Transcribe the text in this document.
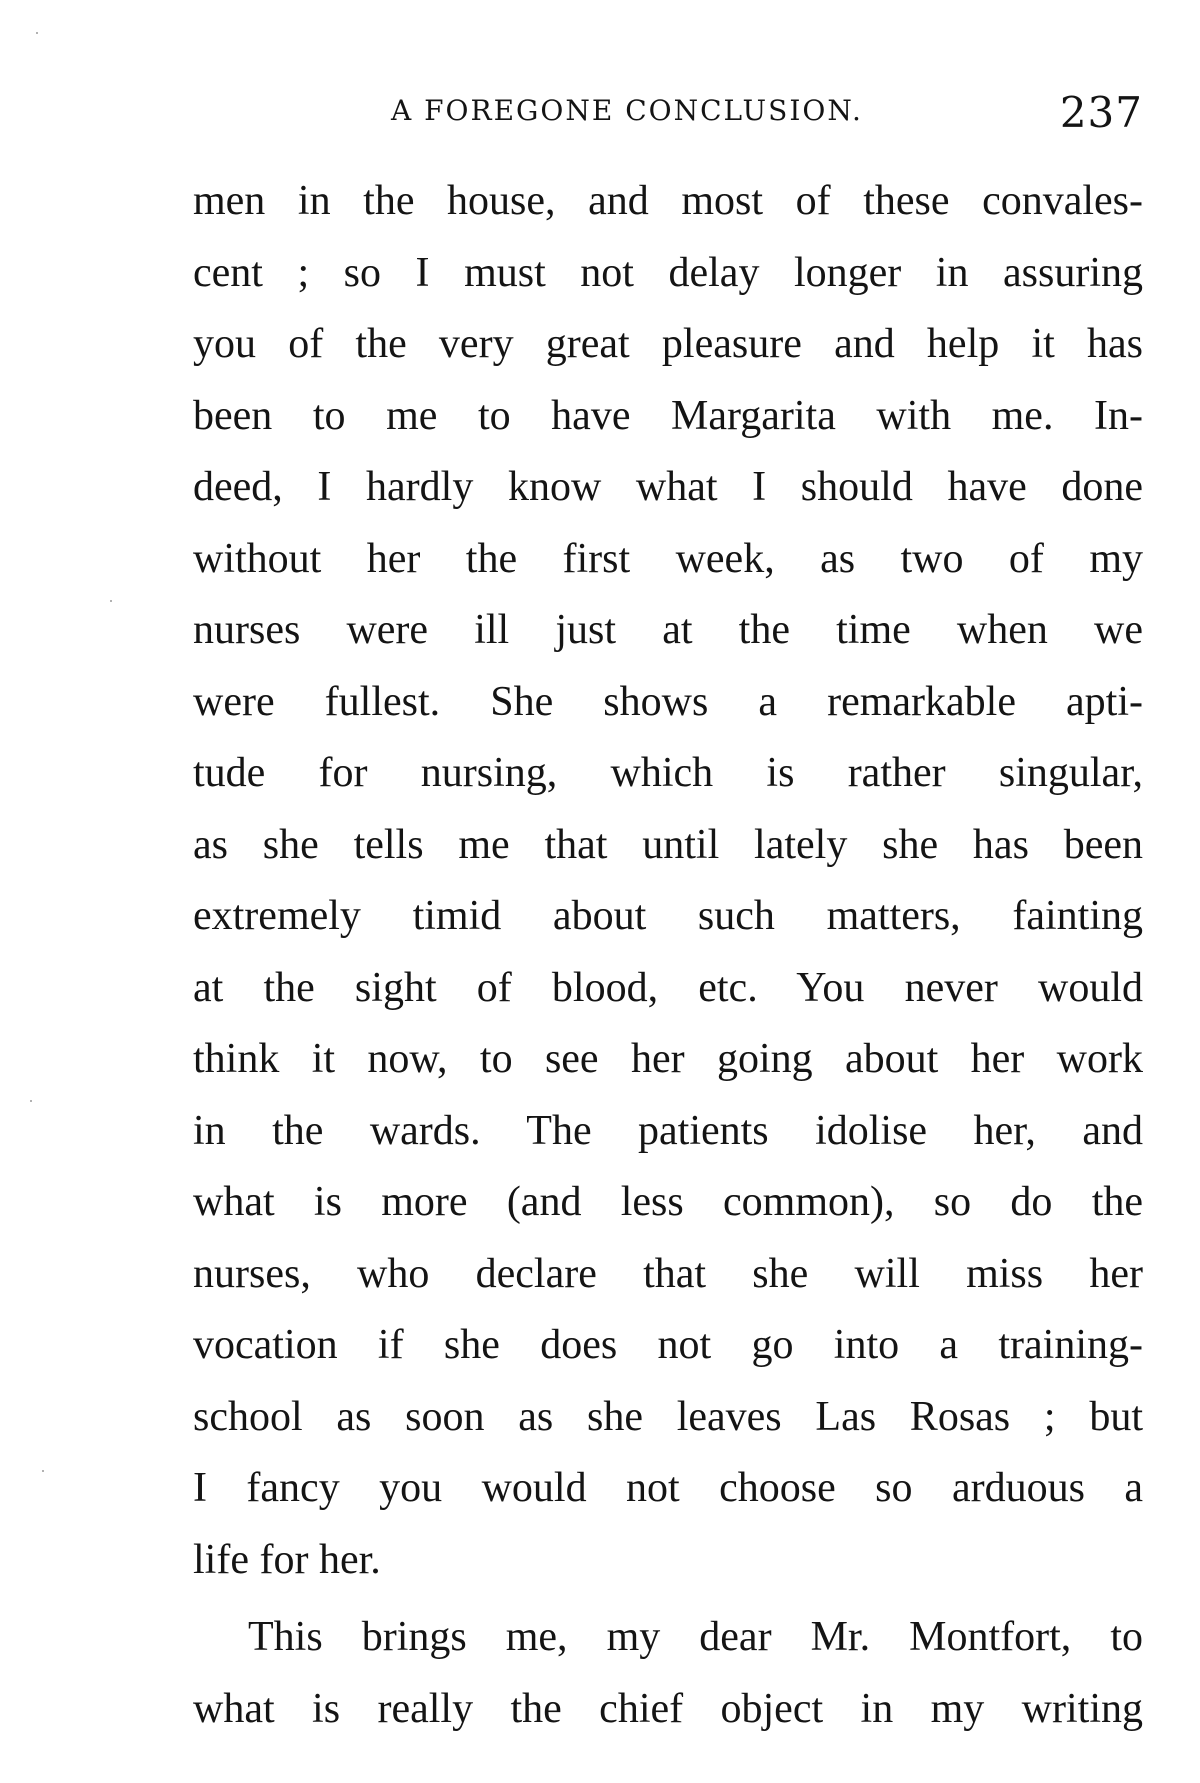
A FOREGONE CONCLUSION.	237
men in the house, and most of these convales-
cent ; so I must not delay longer in assuring
you of the very great pleasure and help it has
been to me to have Margarita with me. In-
deed, I hardly know what I should have done
without her the first week, as two of my
nurses were ill just at the time when we
were fullest. She shows a remarkable apti-
tude for nursing, which is rather singular,
as she tells me that until lately she has been
extremely timid about such matters, fainting
at the sight of blood, etc. You never would
think it now, to see her going about her work
in the wards. The patients idolise her, and
what is more (and less common), so do the
nurses, who declare that she will miss her
vocation if she does not go into a training-
school as soon as she leaves Las Rosas ; but
I fancy you would not choose so arduous a
life for her.
This brings me, my dear Mr. Montfort, to
what is really the chief object in my writing
